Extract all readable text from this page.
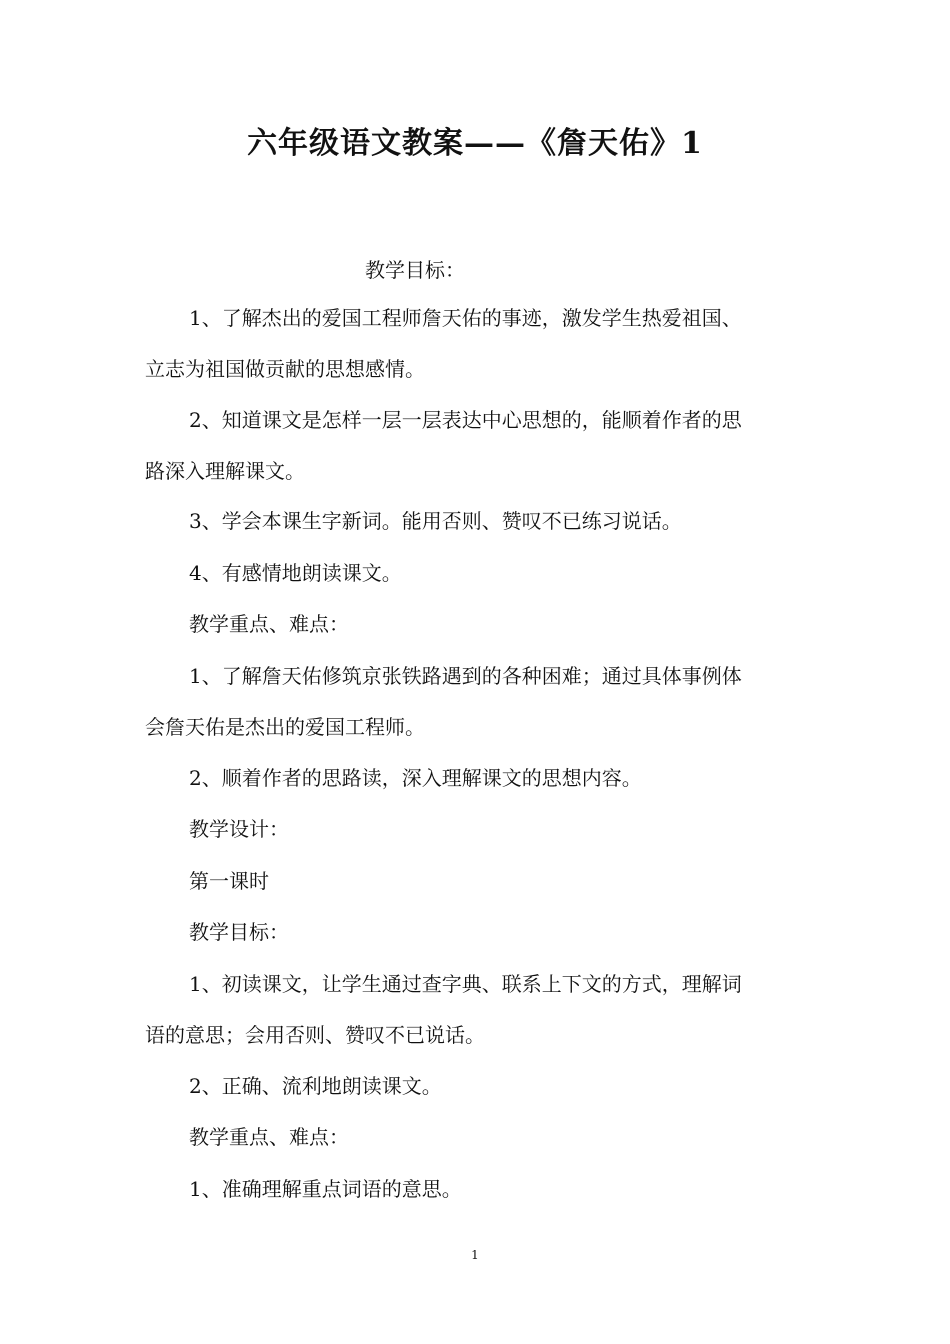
六年级语文教案——《詹天佑》1
教学目标：
1、了解杰出的爱国工程师詹天佑的事迹，激发学生热爱祖国、
立志为祖国做贡献的思想感情。
2、知道课文是怎样一层一层表达中心思想的，能顺着作者的思
路深入理解课文。
3、学会本课生字新词。能用否则、赞叹不已练习说话。
4、有感情地朗读课文。
教学重点、难点：
1、了解詹天佑修筑京张铁路遇到的各种困难；通过具体事例体
会詹天佑是杰出的爱国工程师。
2、顺着作者的思路读，深入理解课文的思想内容。
教学设计：
第一课时
教学目标：
1、初读课文，让学生通过查字典、联系上下文的方式，理解词
语的意思；会用否则、赞叹不已说话。
2、正确、流利地朗读课文。
教学重点、难点：
1、准确理解重点词语的意思。
1
